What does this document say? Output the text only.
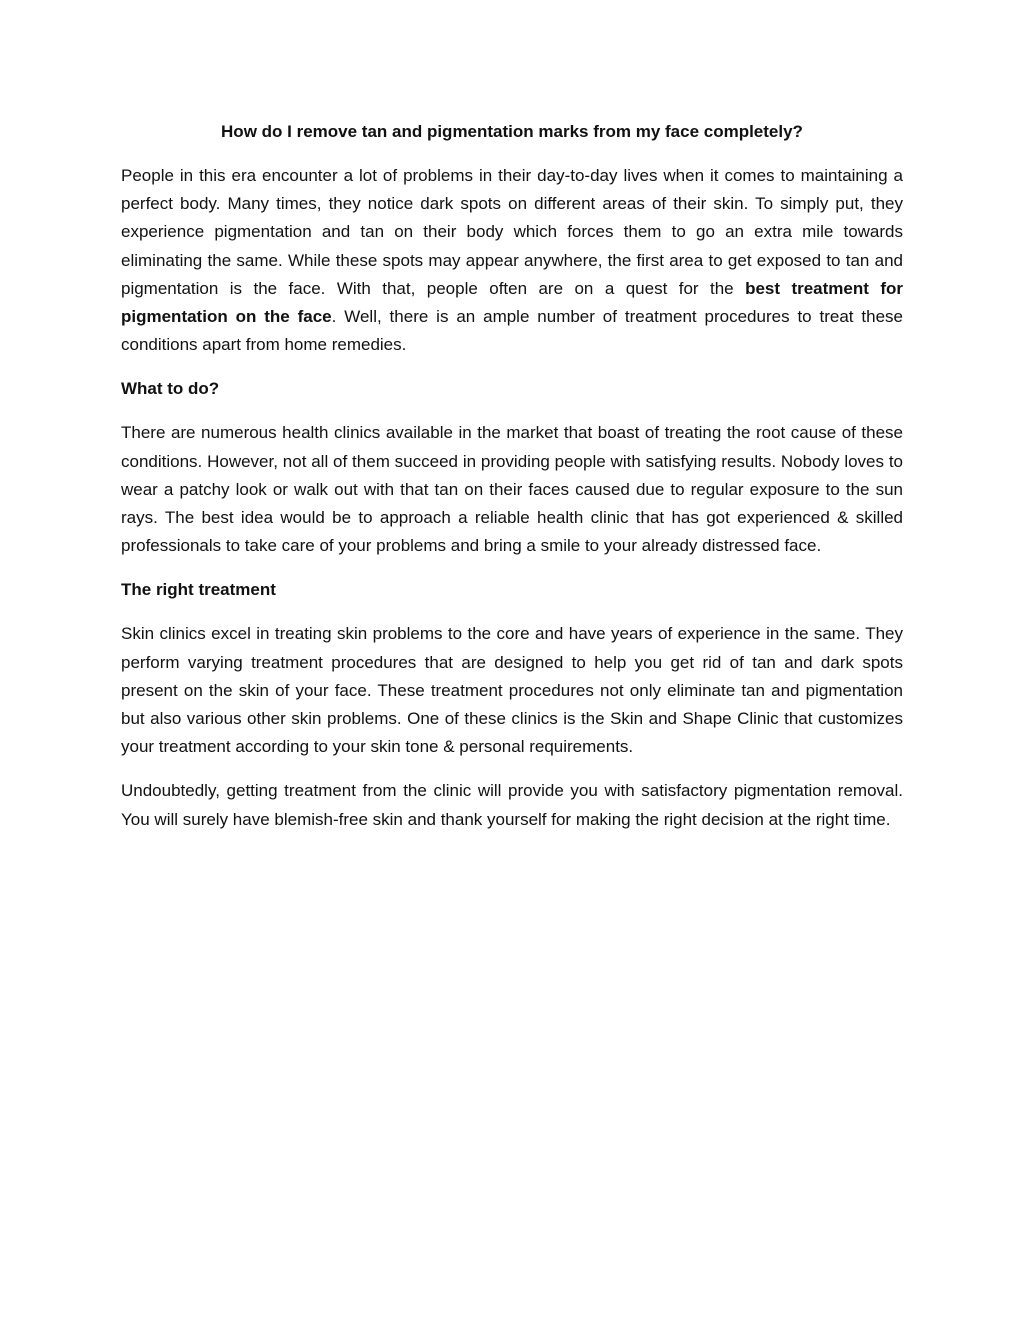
How do I remove tan and pigmentation marks from my face completely?

People in this era encounter a lot of problems in their day-to-day lives when it comes to maintaining a perfect body. Many times, they notice dark spots on different areas of their skin. To simply put, they experience pigmentation and tan on their body which forces them to go an extra mile towards eliminating the same. While these spots may appear anywhere, the first area to get exposed to tan and pigmentation is the face. With that, people often are on a quest for the best treatment for pigmentation on the face. Well, there is an ample number of treatment procedures to treat these conditions apart from home remedies.

What to do?

There are numerous health clinics available in the market that boast of treating the root cause of these conditions. However, not all of them succeed in providing people with satisfying results. Nobody loves to wear a patchy look or walk out with that tan on their faces caused due to regular exposure to the sun rays. The best idea would be to approach a reliable health clinic that has got experienced & skilled professionals to take care of your problems and bring a smile to your already distressed face.

The right treatment

Skin clinics excel in treating skin problems to the core and have years of experience in the same. They perform varying treatment procedures that are designed to help you get rid of tan and dark spots present on the skin of your face. These treatment procedures not only eliminate tan and pigmentation but also various other skin problems. One of these clinics is the Skin and Shape Clinic that customizes your treatment according to your skin tone & personal requirements.

Undoubtedly, getting treatment from the clinic will provide you with satisfactory pigmentation removal. You will surely have blemish-free skin and thank yourself for making the right decision at the right time.
